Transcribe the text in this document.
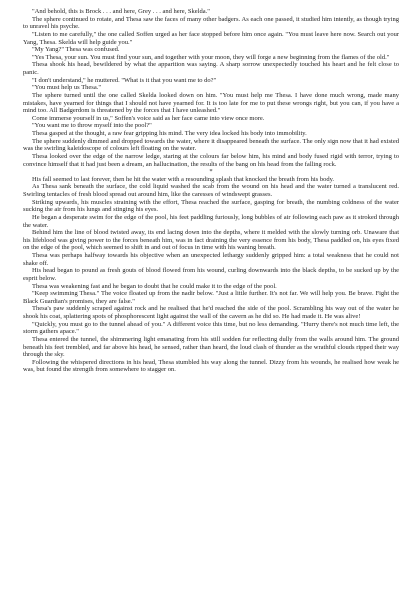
"And behold, this is Brock . . . and here, Grey . . . and here, Skelda."

The sphere continued to rotate, and Thesa saw the faces of many other badgers. As each one passed, it studied him intently, as though trying to unravel his psyche.

"Listen to me carefully," the one called Soffen urged as her face stopped before him once again. "You must leave here now. Search out your Yang, Thesa. Skelda will help guide you."

"My Yang?" Thesa was confused.

"Yes Thesa, your sun. You must find your sun, and together with your moon, they will forge a new beginning from the flames of the old."

Thesa shook his head, bewildered by what the apparition was saying. A sharp sorrow unexpectedly touched his heart and he felt close to panic.

"I don't understand," he muttered. "What is it that you want me to do?"

"You must help us Thesa."

The sphere turned until the one called Skelda looked down on him. "You must help me Thesa. I have done much wrong, made many mistakes, have yearned for things that I should not have yearned for. It is too late for me to put these wrongs right, but you can, if you have a mind too. All Badgerdom is threatened by the forces that I have unleashed."

Come immerse yourself in us," Soffen's voice said as her face came into view once more.

"You want me to throw myself into the pool?"

Thesa gasped at the thought, a raw fear gripping his mind. The very idea locked his body into immobility.

The sphere suddenly dimmed and dropped towards the water, where it disappeared beneath the surface. The only sign now that it had existed was the swirling kaleidoscope of colours left floating on the water.

Thesa looked over the edge of the narrow ledge, staring at the colours far below him, his mind and body fused rigid with terror, trying to convince himself that it had just been a dream, an hallucination, the results of the bang on his head from the falling rock.

*

His fall seemed to last forever, then he hit the water with a resounding splash that knocked the breath from his body.

As Thesa sank beneath the surface, the cold liquid washed the scab from the wound on his head and the water turned a translucent red. Swirling tentacles of fresh blood spread out around him, like the caresses of windswept grasses.

Striking upwards, his muscles straining with the effort, Thesa reached the surface, gasping for breath, the numbing coldness of the water sucking the air from his lungs and stinging his eyes.

He began a desperate swim for the edge of the pool, his feet paddling furiously, long bubbles of air following each paw as it stroked through the water.

Behind him the line of blood twisted away, its end lacing down into the depths, where it melded with the slowly turning orb. Unaware that his lifeblood was giving power to the forces beneath him, was in fact draining the very essence from his body, Thesa paddled on, his eyes fixed on the edge of the pool, which seemed to shift in and out of focus in time with his waning breath.

Thesa was perhaps halfway towards his objective when an unexpected lethargy suddenly gripped him: a total weakness that he could not shake off.

His head began to pound as fresh gouts of blood flowed from his wound, curling downwards into the black depths, to be sucked up by the esprit below.

Thesa was weakening fast and he began to doubt that he could make it to the edge of the pool.

"Keep swimming Thesa." The voice floated up from the nadir below. "Just a little further. It's not far. We will help you. Be brave. Fight the Black Guardian's promises, they are false."

Thesa's paw suddenly scraped against rock and he realised that he'd reached the side of the pool. Scrambling his way out of the water he shook his coat, splattering spots of phosphorescent light against the wall of the cavern as he did so. He had made it. He was alive!

"Quickly, you must go to the tunnel ahead of you." A different voice this time, but no less demanding. "Hurry there's not much time left, the storm gathers apace."

Thesa entered the tunnel, the shimmering light emanating from his still sodden fur reflecting dully from the walls around him. The ground beneath his feet trembled, and far above his head, he sensed, rather than heard, the loud clash of thunder as the wrathful clouds ripped their way through the sky.

Following the whispered directions in his head, Thesa stumbled his way along the tunnel. Dizzy from his wounds, he realised how weak he was, but found the strength from somewhere to stagger on.
